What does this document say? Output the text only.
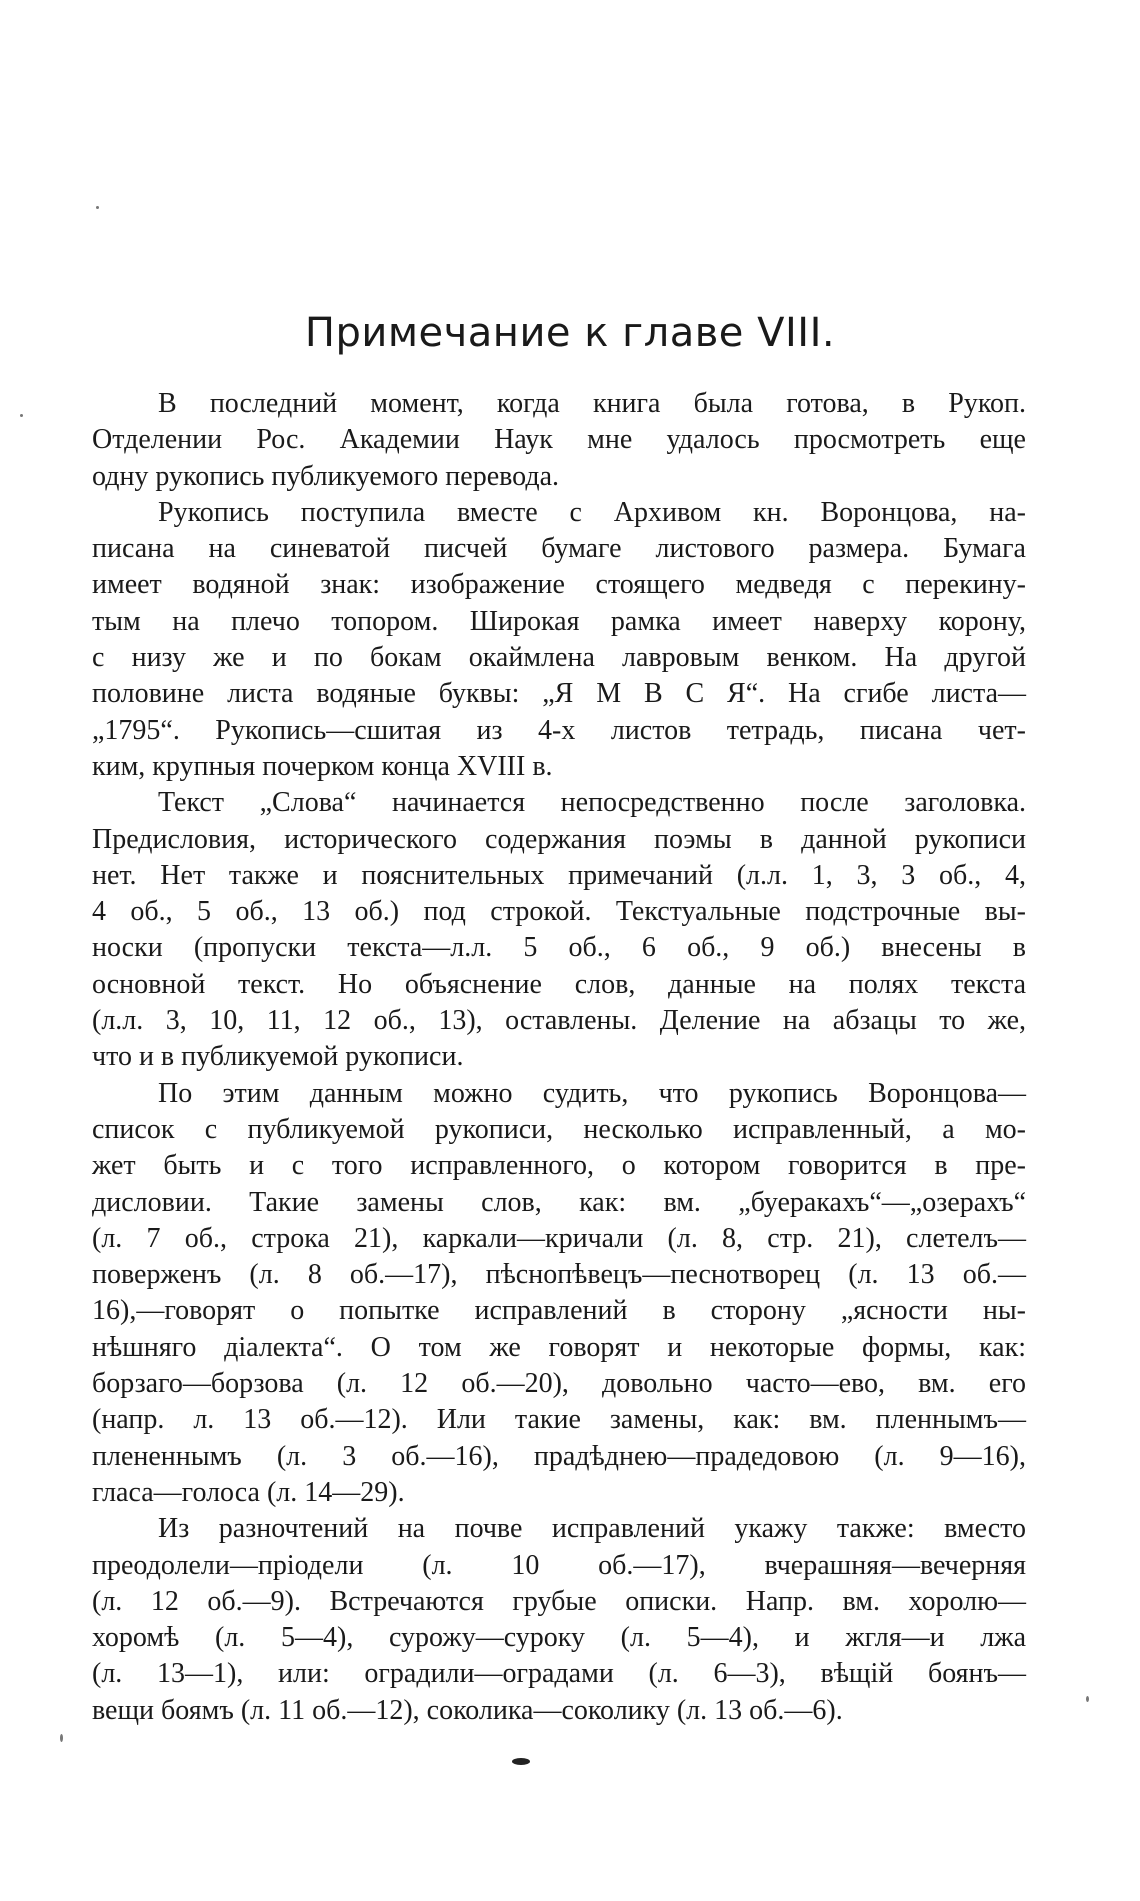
Примечание к главе VIII.

В последний момент, когда книга была готова, в Рукоп.
Отделении Рос. Академии Наук мне удалось просмотреть еще
одну рукопись публикуемого перевода.

Рукопись поступила вместе с Архивом кн. Воронцова, на-
писана на синеватой писчей бумаге листового размера. Бумага
имеет водяной знак: изображение стоящего медведя с перекину-
тым на плечо топором. Широкая рамка имеет наверху корону,
с низу же и по бокам окаймлена лавровым венком. На другой
половине листа водяные буквы: „Я М В С Я“. На сгибе листа—
„1795“. Рукопись—сшитая из 4-х листов тетрадь, писана чет-
ким, крупныя почерком конца XVIII в.

Текст „Слова“ начинается непосредственно после заголовка.
Предисловия, исторического содержания поэмы в данной рукописи
нет. Нет также и пояснительных примечаний (л.л. 1, 3, 3 об., 4,
4 об., 5 об., 13 об.) под строкой. Текстуальные подстрочные вы-
носки (пропуски текста—л.л. 5 об., 6 об., 9 об.) внесены в
основной текст. Но объяснение слов, данные на полях текста
(л.л. 3, 10, 11, 12 об., 13), оставлены. Деление на абзацы то же,
что и в публикуемой рукописи.

По этим данным можно судить, что рукопись Воронцова—
список с публикуемой рукописи, несколько исправленный, а мо-
жет быть и с того исправленного, о котором говорится в пре-
дисловии. Такие замены слов, как: вм. „буеракахъ“—„озерахъ“
(л. 7 об., строка 21), каркали—кричали (л. 8, стр. 21), слетелъ—
поверженъ (л. 8 об.—17), пѣснопѣвецъ—песнотворец (л. 13 об.—
16),—говорят о попытке исправлений в сторону „ясности ны-
нѣшняго діалекта“. О том же говорят и некоторые формы, как:
борзаго—борзова (л. 12 об.—20), довольно часто—ево, вм. его
(напр. л. 13 об.—12). Или такие замены, как: вм. пленнымъ—
плененнымъ (л. 3 об.—16), прадѣднею—прадедовою (л. 9—16),
гласа—голоса (л. 14—29).

Из разночтений на почве исправлений укажу также: вместо
преодолели—пріодели (л. 10 об.—17), вчерашняя—вечерняя
(л. 12 об.—9). Встречаются грубые описки. Напр. вм. хоролю—
хоромѣ (л. 5—4), сурожу—суроку (л. 5—4), и жгля—и лжа
(л. 13—1), или: оградили—оградами (л. 6—3), вѣщій боянъ—
вещи боямъ (л. 11 об.—12), соколика—соколику (л. 13 об.—6).
